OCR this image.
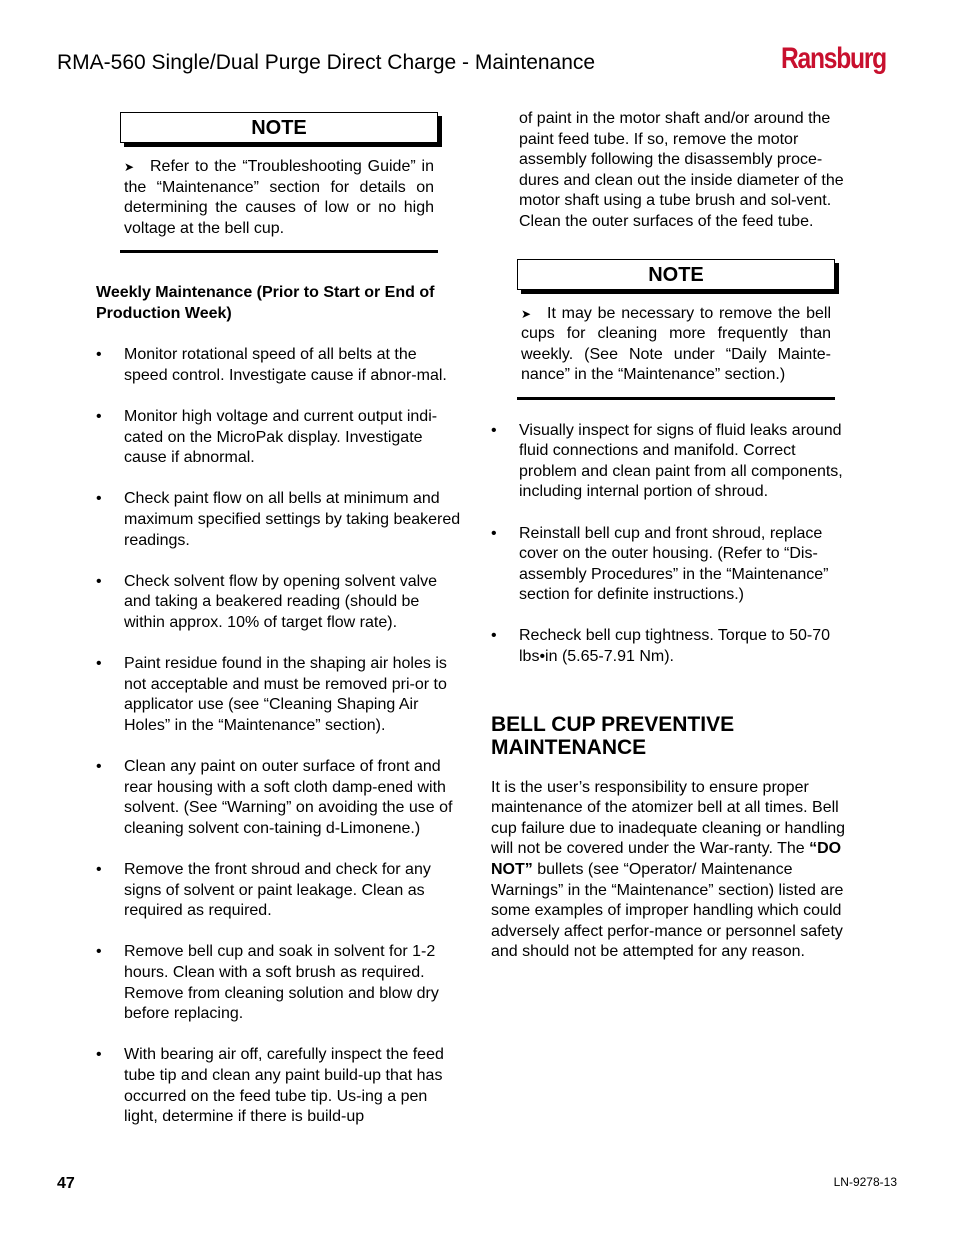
RMA-560 Single/Dual Purge Direct Charge - Maintenance	Ransburg
NOTE

➤ Refer to the “Troubleshooting Guide” in the “Maintenance” section for details on determining the causes of low or no high voltage at the bell cup.

Weekly Maintenance (Prior to Start or End of Production Week)

• Monitor rotational speed of all belts at the speed control. Investigate cause if abnor-mal.
• Monitor high voltage and current output indi-cated on the MicroPak display. Investigate cause if abnormal.
• Check paint flow on all bells at minimum and maximum specified settings by taking beakered readings.
• Check solvent flow by opening solvent valve and taking a beakered reading (should be within approx. 10% of target flow rate).
• Paint residue found in the shaping air holes is not acceptable and must be removed pri-or to applicator use (see “Cleaning Shaping Air Holes” in the “Maintenance” section).
• Clean any paint on outer surface of front and rear housing with a soft cloth damp-ened with solvent. (See “Warning” on avoiding the use of cleaning solvent con-taining d-Limonene.)
• Remove the front shroud and check for any signs of solvent or paint leakage. Clean as required as required.
• Remove bell cup and soak in solvent for 1-2 hours. Clean with a soft brush as required. Remove from cleaning solution and blow dry before replacing.
• With bearing air off, carefully inspect the feed tube tip and clean any paint build-up that has occurred on the feed tube tip. Us-ing a pen light, determine if there is build-up

of paint in the motor shaft and/or around the paint feed tube. If so, remove the motor assembly following the disassembly proce-dures and clean out the inside diameter of the motor shaft using a tube brush and sol-vent. Clean the outer surfaces of the feed tube.

NOTE

➤ It may be necessary to remove the bell cups for cleaning more frequently than weekly. (See Note under “Daily Mainte-nance” in the “Maintenance” section.)

• Visually inspect for signs of fluid leaks around fluid connections and manifold. Correct problem and clean paint from all components, including internal portion of shroud.
• Reinstall bell cup and front shroud, replace cover on the outer housing. (Refer to “Dis-assembly Procedures” in the “Maintenance” section for definite instructions.)
• Recheck bell cup tightness. Torque to 50-70 lbs•in (5.65-7.91 Nm).
BELL CUP PREVENTIVE MAINTENANCE

It is the user’s responsibility to ensure proper maintenance of the atomizer bell at all times. Bell cup failure due to inadequate cleaning or handling will not be covered under the War-ranty. The “DO NOT” bullets (see “Operator/ Maintenance Warnings” in the “Maintenance” section) listed are some examples of improper handling which could adversely affect perfor-mance or personnel safety and should not be attempted for any reason.

47	LN-9278-13
